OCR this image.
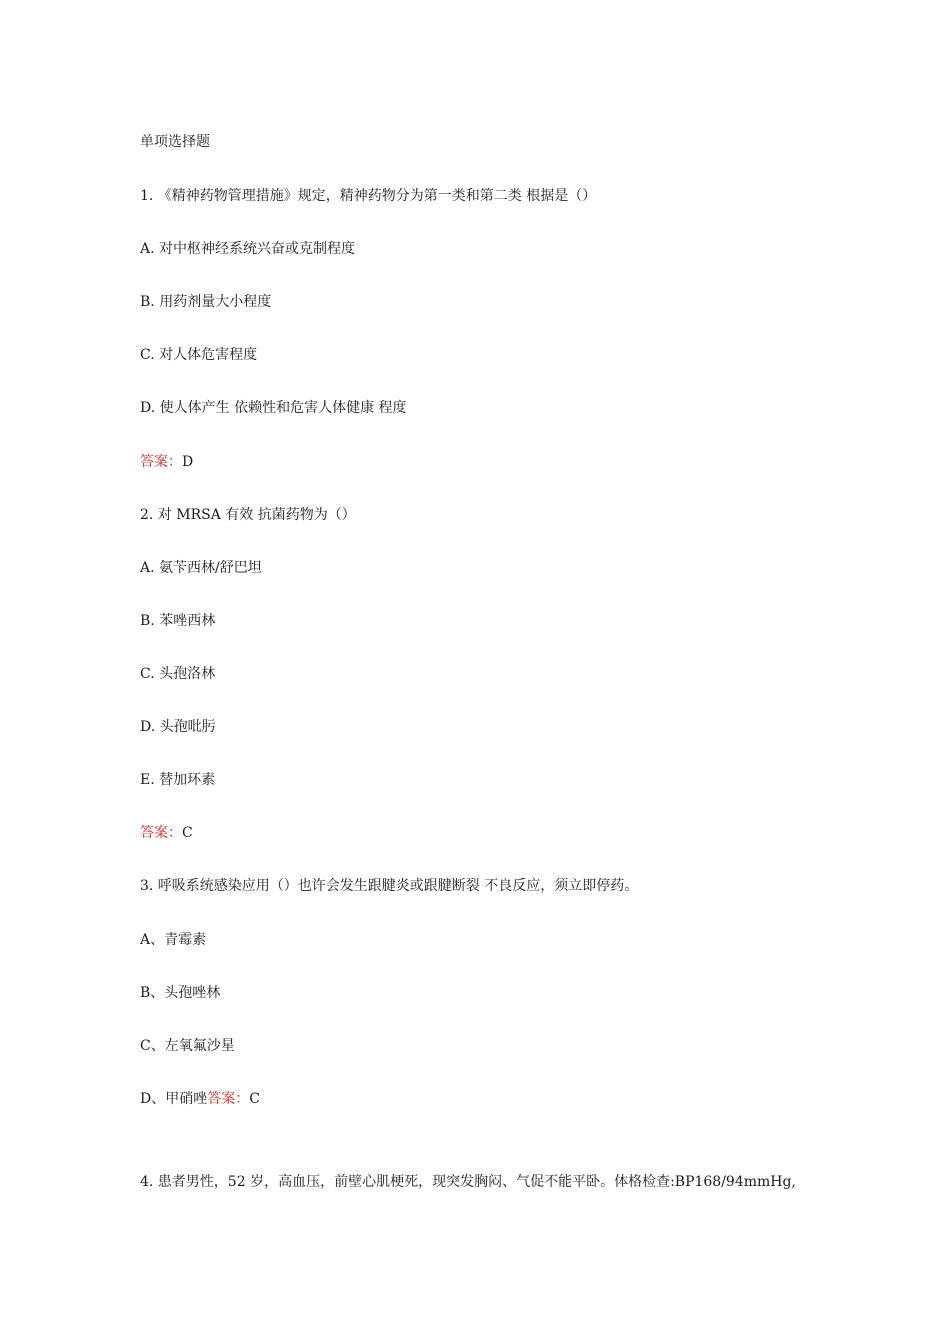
单项选择题
1. 《精神药物管理措施》规定，精神药物分为第一类和第二类 根据是（）
A. 对中枢神经系统兴奋或克制程度
B. 用药剂量大小程度
C. 对人体危害程度
D. 使人体产生 依赖性和危害人体健康 程度
答案：D
2. 对 MRSA 有效 抗菌药物为（）
A. 氨苄西林/舒巴坦
B. 苯唑西林
C. 头孢洛林
D. 头孢吡肟
E. 替加环素
答案：C
3. 呼吸系统感染应用（）也许会发生跟腱炎或跟腱断裂 不良反应，须立即停药。
A、青霉素
B、头孢唑林
C、左氧氟沙星
D、甲硝唑答案：C
4. 患者男性，52 岁，高血压，前壁心肌梗死，现突发胸闷、气促不能平卧。体格检查:BP168/94mmHg,
